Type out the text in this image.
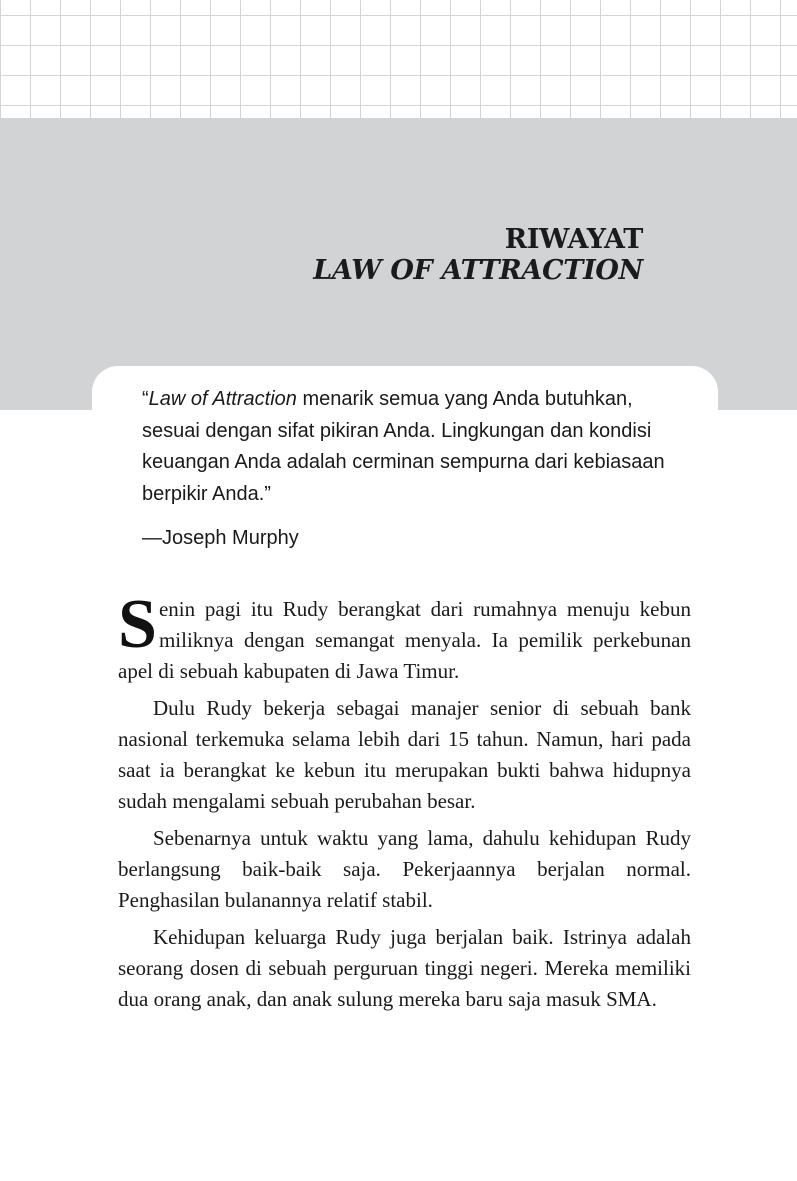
RIWAYAT
LAW OF ATTRACTION

“Law of Attraction menarik semua yang Anda butuhkan, sesuai dengan sifat pikiran Anda. Lingkungan dan kondisi keuangan Anda adalah cerminan sempurna dari kebiasaan berpikir Anda.”

—Joseph Murphy

Senin pagi itu Rudy berangkat dari rumahnya menuju kebun miliknya dengan semangat menyala. Ia pemilik perkebunan apel di sebuah kabupaten di Jawa Timur.

Dulu Rudy bekerja sebagai manajer senior di sebuah bank nasional terkemuka selama lebih dari 15 tahun. Namun, hari pada saat ia berangkat ke kebun itu merupakan bukti bahwa hidupnya sudah mengalami sebuah perubahan besar.

Sebenarnya untuk waktu yang lama, dahulu kehidupan Rudy berlangsung baik-baik saja. Pekerjaannya berjalan normal. Penghasilan bulanannya relatif stabil.

Kehidupan keluarga Rudy juga berjalan baik. Istrinya adalah seorang dosen di sebuah perguruan tinggi negeri. Mereka memiliki dua orang anak, dan anak sulung mereka baru saja masuk SMA.
